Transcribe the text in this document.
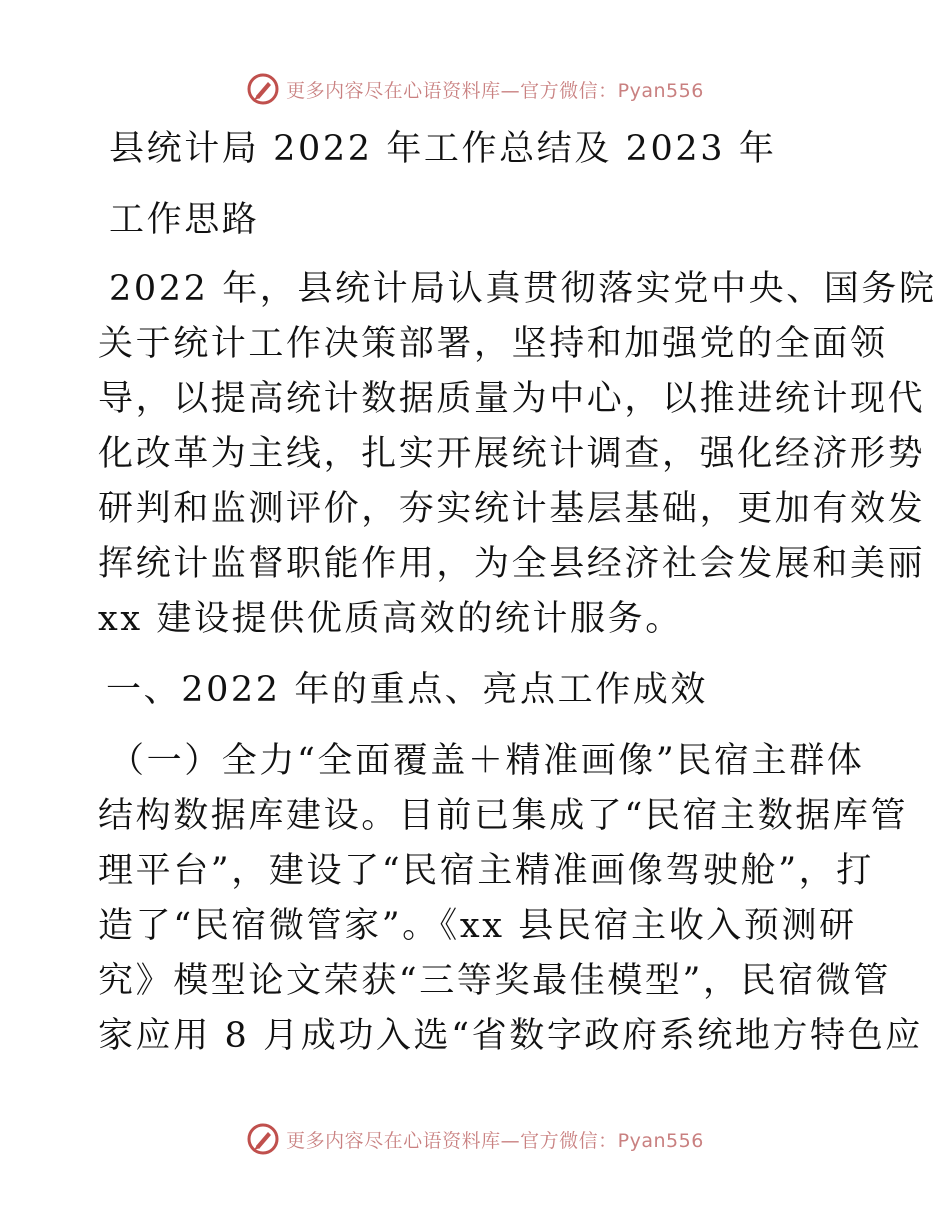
更多内容尽在心语资料库—官方微信：Pyan556

县统计局 2022 年工作总结及 2023 年

工作思路

2022 年，县统计局认真贯彻落实党中央、国务院

关于统计工作决策部署，坚持和加强党的全面领

导，以提高统计数据质量为中心，以推进统计现代

化改革为主线，扎实开展统计调查，强化经济形势

研判和监测评价，夯实统计基层基础，更加有效发

挥统计监督职能作用，为全县经济社会发展和美丽

xx 建设提供优质高效的统计服务。

一、2022 年的重点、亮点工作成效

（一）全力“全面覆盖＋精准画像”民宿主群体

结构数据库建设。目前已集成了“民宿主数据库管

理平台”，建设了“民宿主精准画像驾驶舱”，打

造了“民宿微管家”。《xx 县民宿主收入预测研

究》模型论文荣获“三等奖最佳模型”，民宿微管

家应用 8 月成功入选“省数字政府系统地方特色应

更多内容尽在心语资料库—官方微信：Pyan556
